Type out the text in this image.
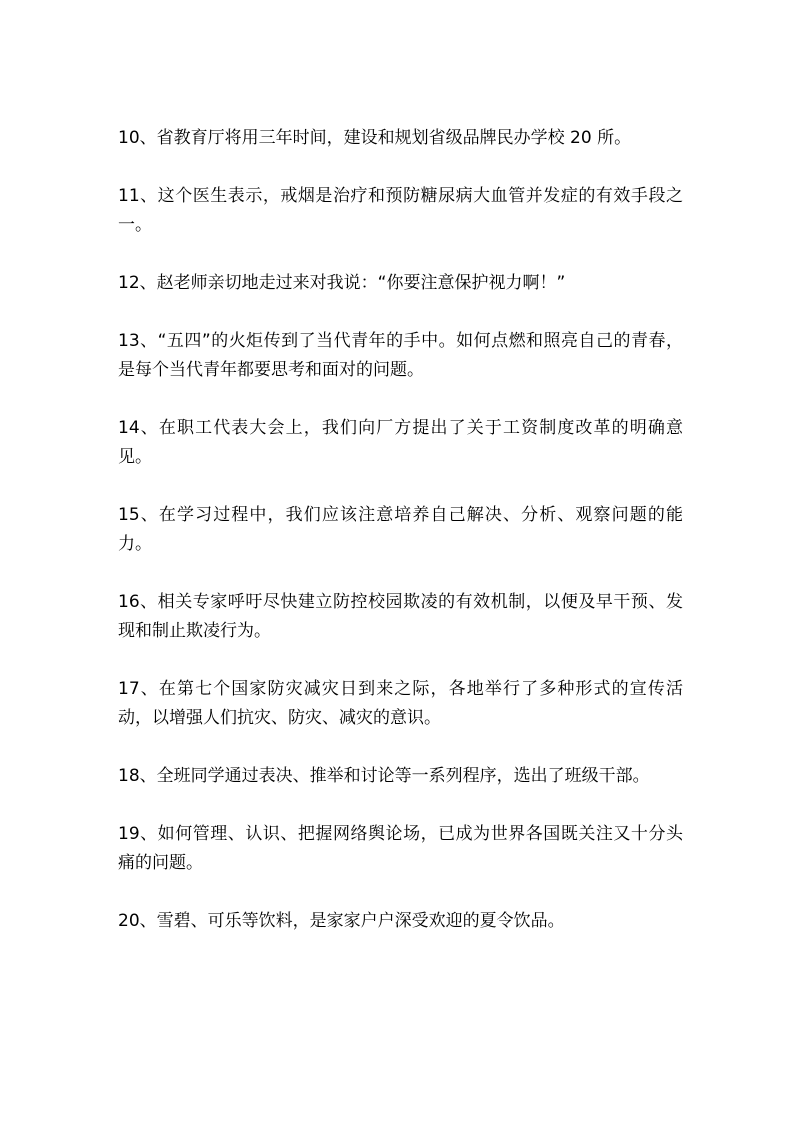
10、省教育厅将用三年时间，建设和规划省级品牌民办学校 20 所。

11、这个医生表示，戒烟是治疗和预防糖尿病大血管并发症的有效手段之一。

12、赵老师亲切地走过来对我说：“你要注意保护视力啊！”

13、“五四”的火炬传到了当代青年的手中。如何点燃和照亮自己的青春，是每个当代青年都要思考和面对的问题。

14、在职工代表大会上，我们向厂方提出了关于工资制度改革的明确意见。

15、在学习过程中，我们应该注意培养自己解决、分析、观察问题的能力。

16、相关专家呼吁尽快建立防控校园欺凌的有效机制，以便及早干预、发现和制止欺凌行为。

17、在第七个国家防灾减灾日到来之际，各地举行了多种形式的宣传活动，以增强人们抗灾、防灾、减灾的意识。

18、全班同学通过表决、推举和讨论等一系列程序，选出了班级干部。

19、如何管理、认识、把握网络舆论场，已成为世界各国既关注又十分头痛的问题。

20、雪碧、可乐等饮料，是家家户户深受欢迎的夏令饮品。
